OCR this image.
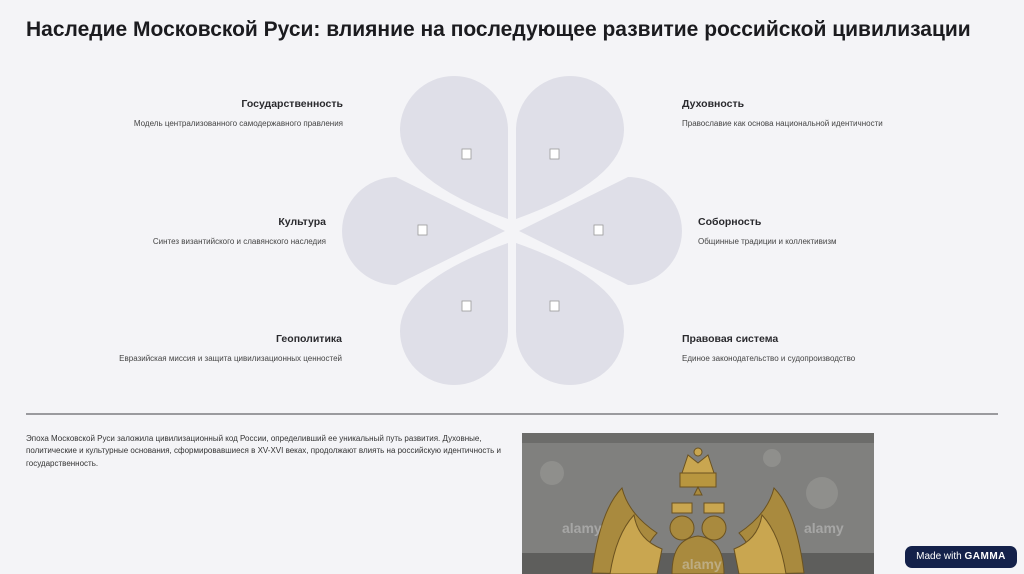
Наследие Московской Руси: влияние на последующее развитие российской цивилизации
Государственность
Модель централизованного самодержавного правления
Культура
Синтез византийского и славянского наследия
Геополитика
Евразийская миссия и защита цивилизационных ценностей
Духовность
Православие как основа национальной идентичности
Соборность
Общинные традиции и коллективизм
Правовая система
Единое законодательство и судопроизводство
Эпоха Московской Руси заложила цивилизационный код России, определивший ее уникальный путь развития. Духовные, политические и культурные основания, сформировавшиеся в XV-XVI веках, продолжают влиять на российскую идентичность и государственность.
alamy	alamy
alamy	Made with GAMMA
